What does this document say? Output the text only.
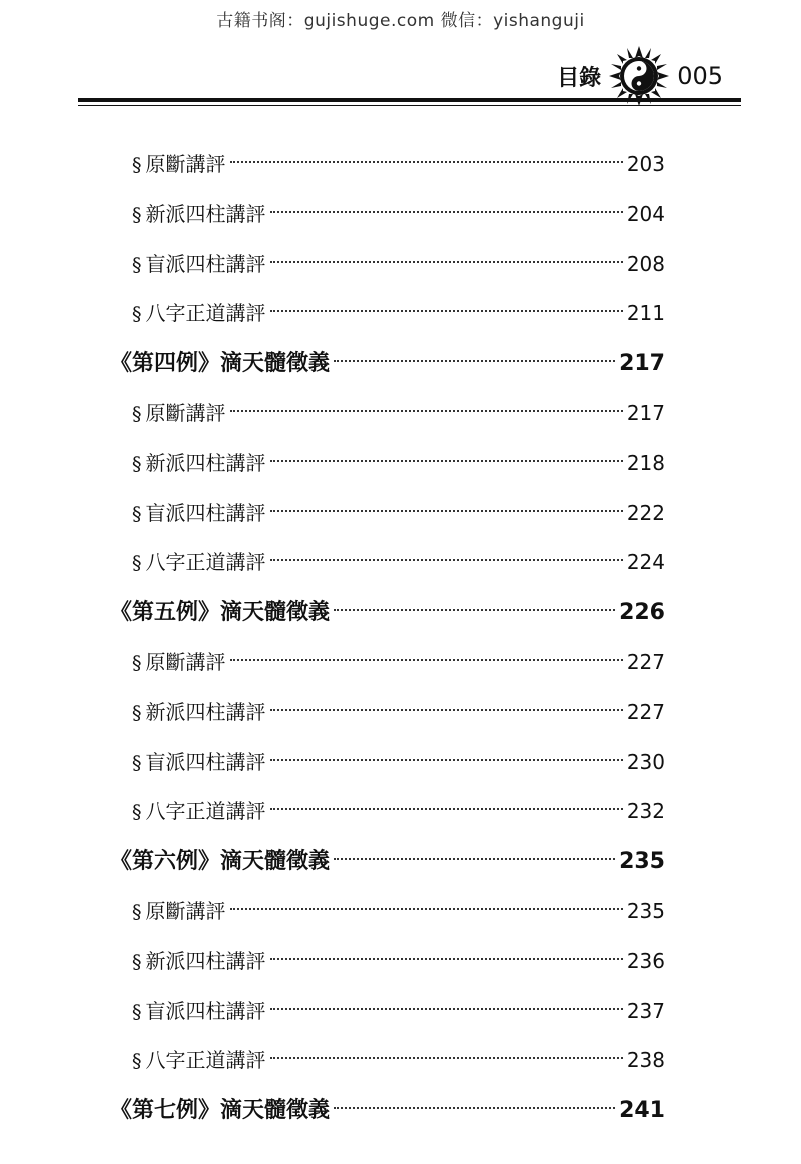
古籍书阁：gujishuge.com 微信：yishanguji
目錄	005
§ 原斷講評	203
§ 新派四柱講評	204
§ 盲派四柱講評	208
§ 八字正道講評	211
《第四例》滴天髓徵義	217
§ 原斷講評	217
§ 新派四柱講評	218
§ 盲派四柱講評	222
§ 八字正道講評	224
《第五例》滴天髓徵義	226
§ 原斷講評	227
§ 新派四柱講評	227
§ 盲派四柱講評	230
§ 八字正道講評	232
《第六例》滴天髓徵義	235
§ 原斷講評	235
§ 新派四柱講評	236
§ 盲派四柱講評	237
§ 八字正道講評	238
《第七例》滴天髓徵義	241
